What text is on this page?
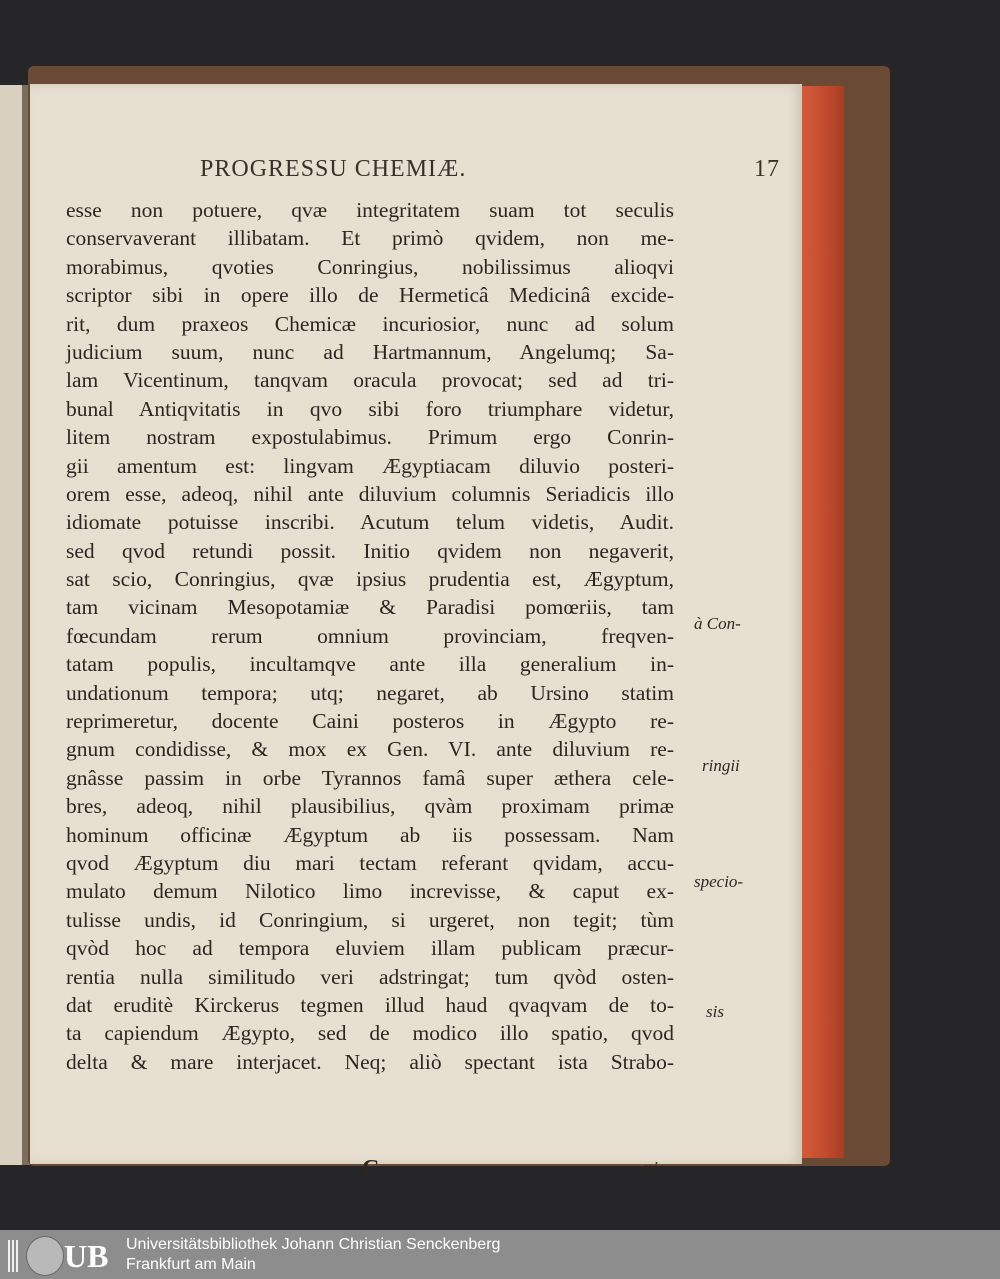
PROGRESSU CHEMIÆ.	17
esse non potuere, qvæ integritatem suam tot seculis
conservaverant illibatam. Et primò qvidem, non me-
morabimus, qvoties Conringius, nobilissimus alioqvi
scriptor sibi in opere illo de Hermeticâ Medicinâ excide-
rit, dum praxeos Chemicæ incuriosior, nunc ad solum
judicium suum, nunc ad Hartmannum, Angelumq; Sa-
lam Vicentinum, tanqvam oracula provocat; sed ad tri-
bunal Antiqvitatis in qvo sibi foro triumphare videtur,
litem nostram expostulabimus. Primum ergo Conrin-
gii amentum est: lingvam Ægyptiacam diluvio posteri-
orem esse, adeoq, nihil ante diluvium columnis Seriadicis illo
idiomate potuisse inscribi. Acutum telum videtis, Audit.
sed qvod retundi possit. Initio qvidem non negaverit,
sat scio, Conringius, qvæ ipsius prudentia est, Ægyptum,
tam vicinam Mesopotamiæ & Paradisi pomœriis, tam
fœcundam rerum omnium provinciam, freqven-
tatam populis, incultamqve ante illa generalium in-
undationum tempora; utq; negaret, ab Ursino statim
reprimeretur, docente Caini posteros in Ægypto re-
gnum condidisse, & mox ex Gen. VI. ante diluvium re-
gnâsse passim in orbe Tyrannos famâ super æthera cele-
bres, adeoq, nihil plausibilius, qvàm proximam primæ
hominum officinæ Ægyptum ab iis possessam. Nam
qvod Ægyptum diu mari tectam referant qvidam, accu-
mulato demum Nilotico limo increvisse, & caput ex-
tulisse undis, id Conringium, si urgeret, non tegit; tùm
qvòd hoc ad tempora eluviem illam publicam præcur-
rentia nulla similitudo veri adstringat; tum qvòd osten-
dat eruditè Kirckerus tegmen illud haud qvaqvam de to-
ta capiendum Ægypto, sed de modico illo spatio, qvod
delta & mare interjacet. Neq; aliò spectant ista Strabo-
C	nis
à Con-
ringii
specio-
sis
UB Universitätsbibliothek Johann Christian Senckenberg
Frankfurt am Main
